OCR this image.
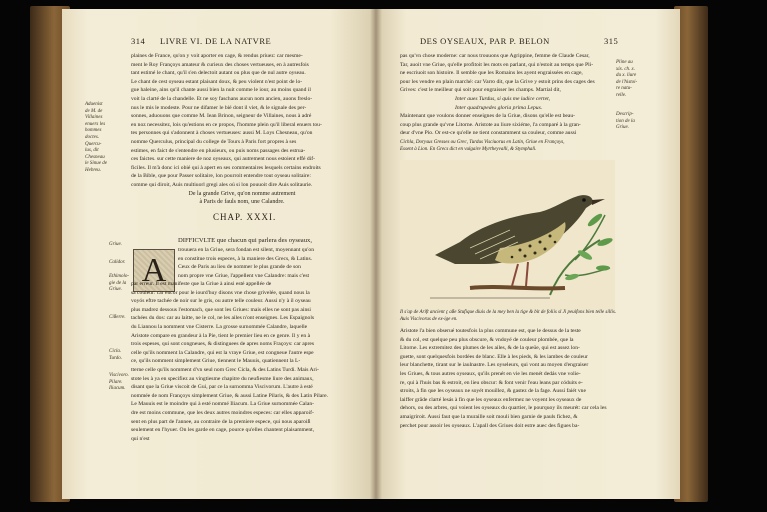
314 LIVRE VI. DE LA NATVRE
plaines de France, qu'on y voit aporter en cage, & rendus priuez: car mesme-
ment le Roy Françoys amateur & curieux des choses vertueuses, en à autresfois
tant estimé le chant, qu'il s'en delectoit autant ou plus que de nul autre oyseau.
Le chant de cest oyseau estant plaisant doux, & peu violent n'est point de lo-
gue haleine, ains qu'il chante aussi bien la nuit comme le iour, au moins quand il
voit la clarté de la chandelle. Et ne soy faschans aucun nom ancien, auons freslo-
nus le mis le modeste. Pour ne difamer le bié dont il viet, & le signale des per-
sonnes, aduouons que comme M. Iean Brinon, seigneur de Villaines, nous à adré
en noz necessitez, lois qu'estions en ce propos, l'homme plein qu'il liberal enuers tou-
tes personnes qui s'adonnent à choses vertueuses: aussi M. Loys Chesneau, qu'on
nomme Querculus, principal du college de Tours à Paris fort propres à ses
estimes, en faict de s'entendre en plusieurs, ou puis noms passages des estrua-
ces faictes. sur cette maniere de noz oyseaux, qui autrement nous estoient effé dif-
ficiles. Il m'à donc ici obié qui à apert en ses commentaires lesquels certains endroits
de la Bible, que pour Passer solitaire, lon pourroit entendre tout oyseau solitaire:
comme qui diroit, Auis multiuorl gregi ales oú si lon pouuoit dire Auis solitaurie.
Aduenist
de M. de
Villaines
enuers les
hommes
doctes.
Quercu-
lus, dit
Chesneau
le Sinue de
Hebreu.
De la grande Grive, qu'on nomme autrement
à Paris de fauls nom, une Calandre.
CHAP. XXXI.
A
DIFFICVLTE que chacun qui parlera des oyseaux,
trouuera en la Griue, sera fondan est silent, moyennant qu'on
en constitue trois especes, à la maniere des Grecs, & Latins.
Ceux de Paris au lieu de nommer le plus grande de son
nom propre vne Griue, l'appellent vne Calandre: mais c'est
par erreur. Il est manifeste que la Griue à ainsi esté appellée de
sa couleur: car encor pour le iourd'huy disons vne chose grivelée, quand nous la
voyós eftre tachée de noir sur le gris, ou autre telle couleur. Aussi n'y à il oyseau
plus madrez dessous l'estomach, que sont les Griues: mais elles ne sont pas ainsi
tachées du dos: car au laitte, ne le col, ne les ailes n'ont enseignes. Les Espaignols
du Liannou la nomment vne Cisterre. La grosse surnommée Calandre, laquelle
Aristote compare en grandeur à la Pie, tient le premier lieu en ce genre. Il y en à
trois espeses, qui sont congneues, & distinguees de apres noms Fraçoys: car apres
celle qu'ils nomment la Calandre, qui est la vraye Griue, est congneue l'autre espe
ce, qu'ils nomment simplement Griue, tiennent le Mauuis, quatiennent la L-
tterne celle qu'ils nomment d'vn seul nom Grec Cicla, & des Latins Turdi. Mais Ari-
stote les à ya en specifiez au vingtiesme chapitre du neufiesme liure des animaux,
disant que la Griue viscoit de Gui, par ce la surnomma Viscivorum. L'autre à esté
nommée de nom Françoys simplement Griue, & aussi Latine Pilaris, & des Latin Pilare.
Le Mauuis est le moindre qui à esté nommé Iliacum. La Griue surnommée Calan-
dre est moins commune, que les deux autres moindres especes: car elles apparoif-
sent en plus part de l'annee, au contraire de la premiere espece, qui nous aparoiß
seulement en l'hyuer. On les garde en cage, pource qu'elles chantent plaisamment,
qui n'est
Griue.
Calidor.
Ethimolo-
gie de la
Griue.
Cißerre.
Cicla.
Turdo.
Viscivoro.
Pilare.
Iliacum.
DES OYSEAUX, PAR P. BELON	315
pas qu'vn chose moderne: car nous trouuons que Agrippine, femme de Claude Cesar,
Tar, auoit vne Griue, qu'elle profitoit les mots en parlant, qui n'estoit au temps que Pli-
ne escriuoit son histoire. Il semble que les Romains les ayent engraissées en cage,
pour les vendre en plain marché: car Varro dit, que la Grive y estoit prins des cages des
Grives: c'est le meilleur qui soit pour engraisser les champs. Martial dit,
Inter aues Turdus, si quis me iudice certet,
Inter quadrupedes gloria prima Lepus.
Maintenant que voulons donner enseignes de la Griue, disons qu'elle est beau-
coup plus grande qu'vne Litorne. Aristote au liure sixiéme, l'a comparé à la gran-
deur d'vne Pio. Or est-ce qu'elle ne tient constamment sa couleur, comme aussi
Pline au
xix. ch. x.
du x. liure
de l'histoi-
re natu-
relle.
Descrip-
tion de la
Griue.
Cichla, Dorysus Gresses ou Grec, Turdus Visciuorus en Latin, Griue en Françoys,
Essent à Lion. En Grecs dict en vulgaire Myrtheyvalli, & Stymphali.
Il s'ap de Arift ancient ç aße Stufique diuis de la mey ben la tige & bit de foliis sl Ji peuifons bien telle sillis.
Auis Viscivorus de ex-ige en.
Aristote l'a bien obserué toutesfois la plus commune est, que le dessus de la teste
& du col, est quelque peu plus obscure, & vndoyé de couleur plombée, que la
Litorne. Les extremitez des plumes de les ailes, & de la queüe, qui est assez lon-
guette, sont quelquesfois bordées de blanc. Elle à les pieds, & les iambes de couleur
leur blanchette, tirant sur le iaulnastre. Les oyseleurs, qui vont au moyen d'engraiser
les Griues, & tous autres oyseaux, qu'ils prenét en vie les menét dedás vne volie-
re, qui à l'huis bas & estroit, en lieu obscur: & font venir l'eau leans par códuits e-
stroits, à fin que les oyseaux ne soyét mouillez, & gastez de la fage. Aussi faiét vne
laiffer grâde clarté lesás à fin que les oyseaux enfermez ne voyent les oyseaux de
dehors, ou des arbres, qui voient les oyseaux du quartier, le pourquoy ils meurét: car cela les
amaigriroit. Aussi faut que la muraille soit mouli bien garnie de pauls fichez, &
perchet pour assoir les oyseaux. L'apall des Griues doit estre auec des figues ba-
